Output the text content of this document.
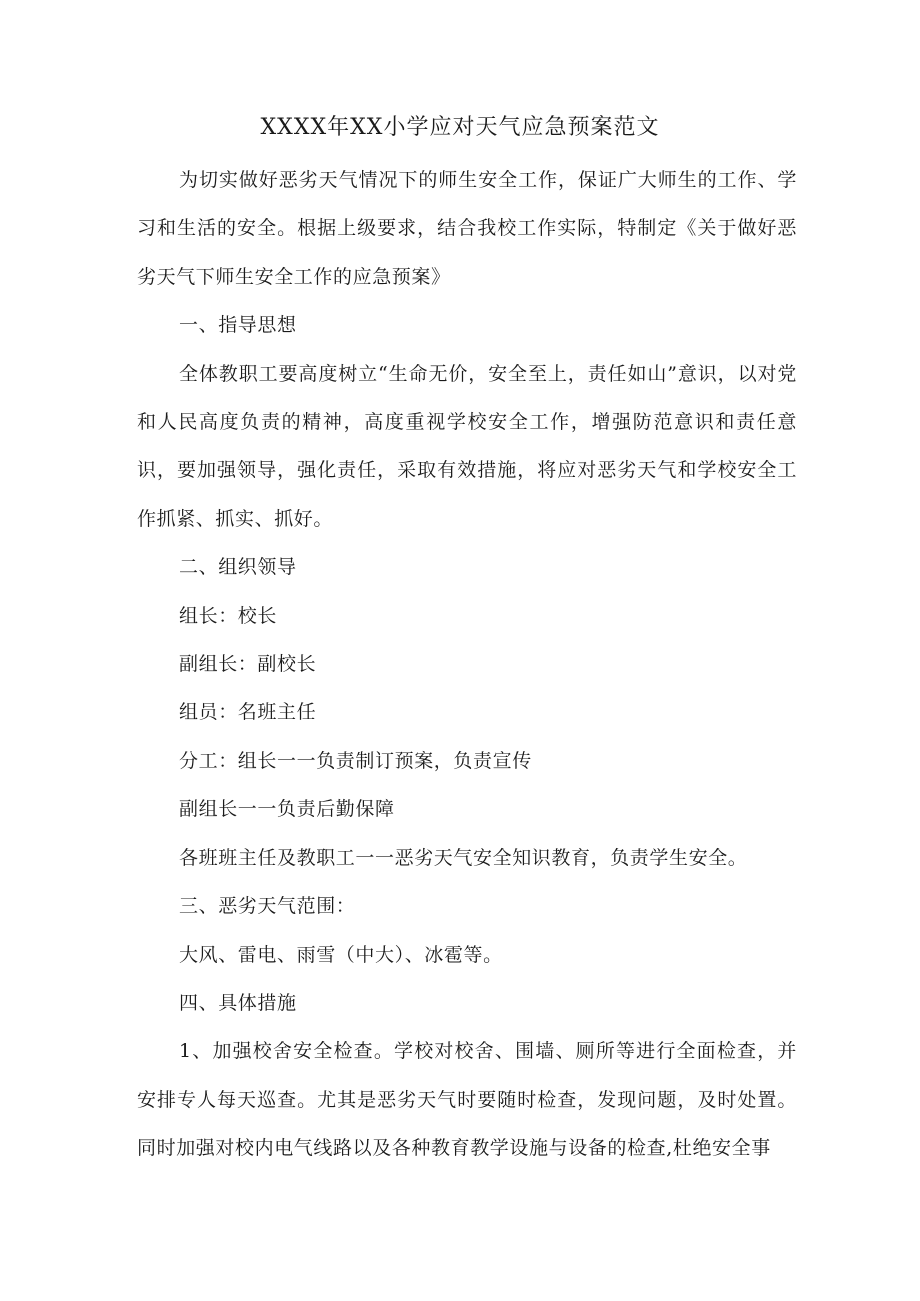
XXXX年XX小学应对天气应急预案范文

为切实做好恶劣天气情况下的师生安全工作，保证广大师生的工作、学习和生活的安全。根据上级要求，结合我校工作实际，特制定《关于做好恶劣天气下师生安全工作的应急预案》

一、指导思想

全体教职工要高度树立“生命无价，安全至上，责任如山”意识，以对党和人民高度负责的精神，高度重视学校安全工作，增强防范意识和责任意识，要加强领导，强化责任，采取有效措施，将应对恶劣天气和学校安全工作抓紧、抓实、抓好。

二、组织领导

组长：校长

副组长：副校长

组员：名班主任

分工：组长一一负责制订预案，负责宣传

副组长一一负责后勤保障

各班班主任及教职工一一恶劣天气安全知识教育，负责学生安全。

三、恶劣天气范围：

大风、雷电、雨雪（中大）、冰雹等。

四、具体措施

1、加强校舍安全检查。学校对校舍、围墙、厕所等进行全面检查，并安排专人每天巡查。尤其是恶劣天气时要随时检查，发现问题，及时处置。同时加强对校内电气线路以及各种教育教学设施与设备的检查,杜绝安全事
